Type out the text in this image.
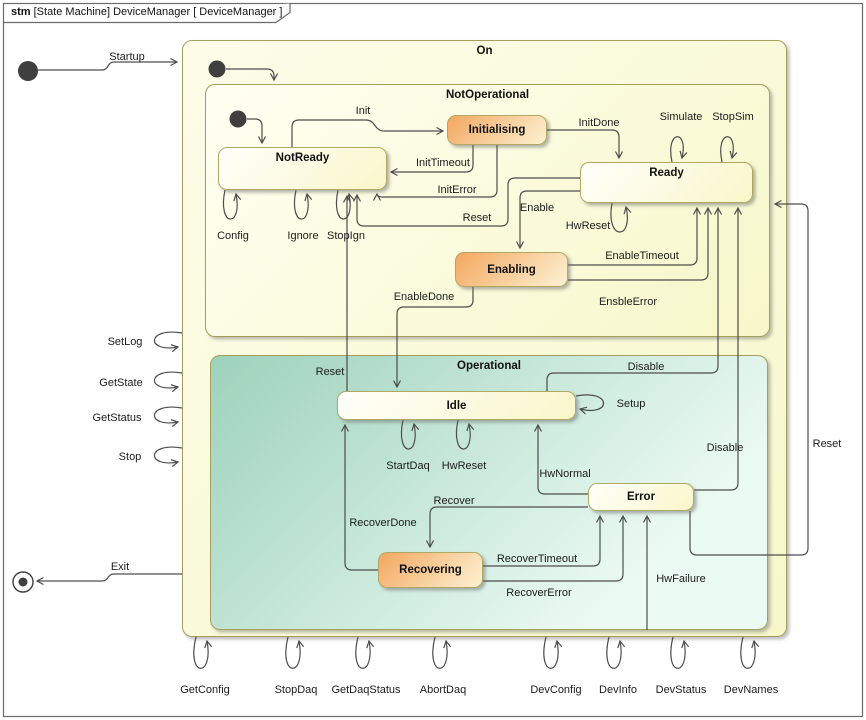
On
NotOperational
Operational
Startup
Init
InitDone	Simulate StopSim
InitTimeout
InitError
Config	Ignore StopIgn
Reset
Enable
HwReset
EnableTimeout
EnsbleError
EnableDone
SetLog
GetState
GetStatus
Stop
Exit
Reset	Disable
Setup
StartDaq HwReset
HwNormal
Disable
Recover
RecoverDone
RecoverTimeout
RecoverError
HwFailure
Reset
GetConfig	StopDaq GetDaqStatus AbortDaq	DevConfig DevInfo DevStatus DevNames
NotReady
Initialising
Ready
Enabling
Idle
Error
Recovering
stm [State Machine] DeviceManager [ DeviceManager ]
